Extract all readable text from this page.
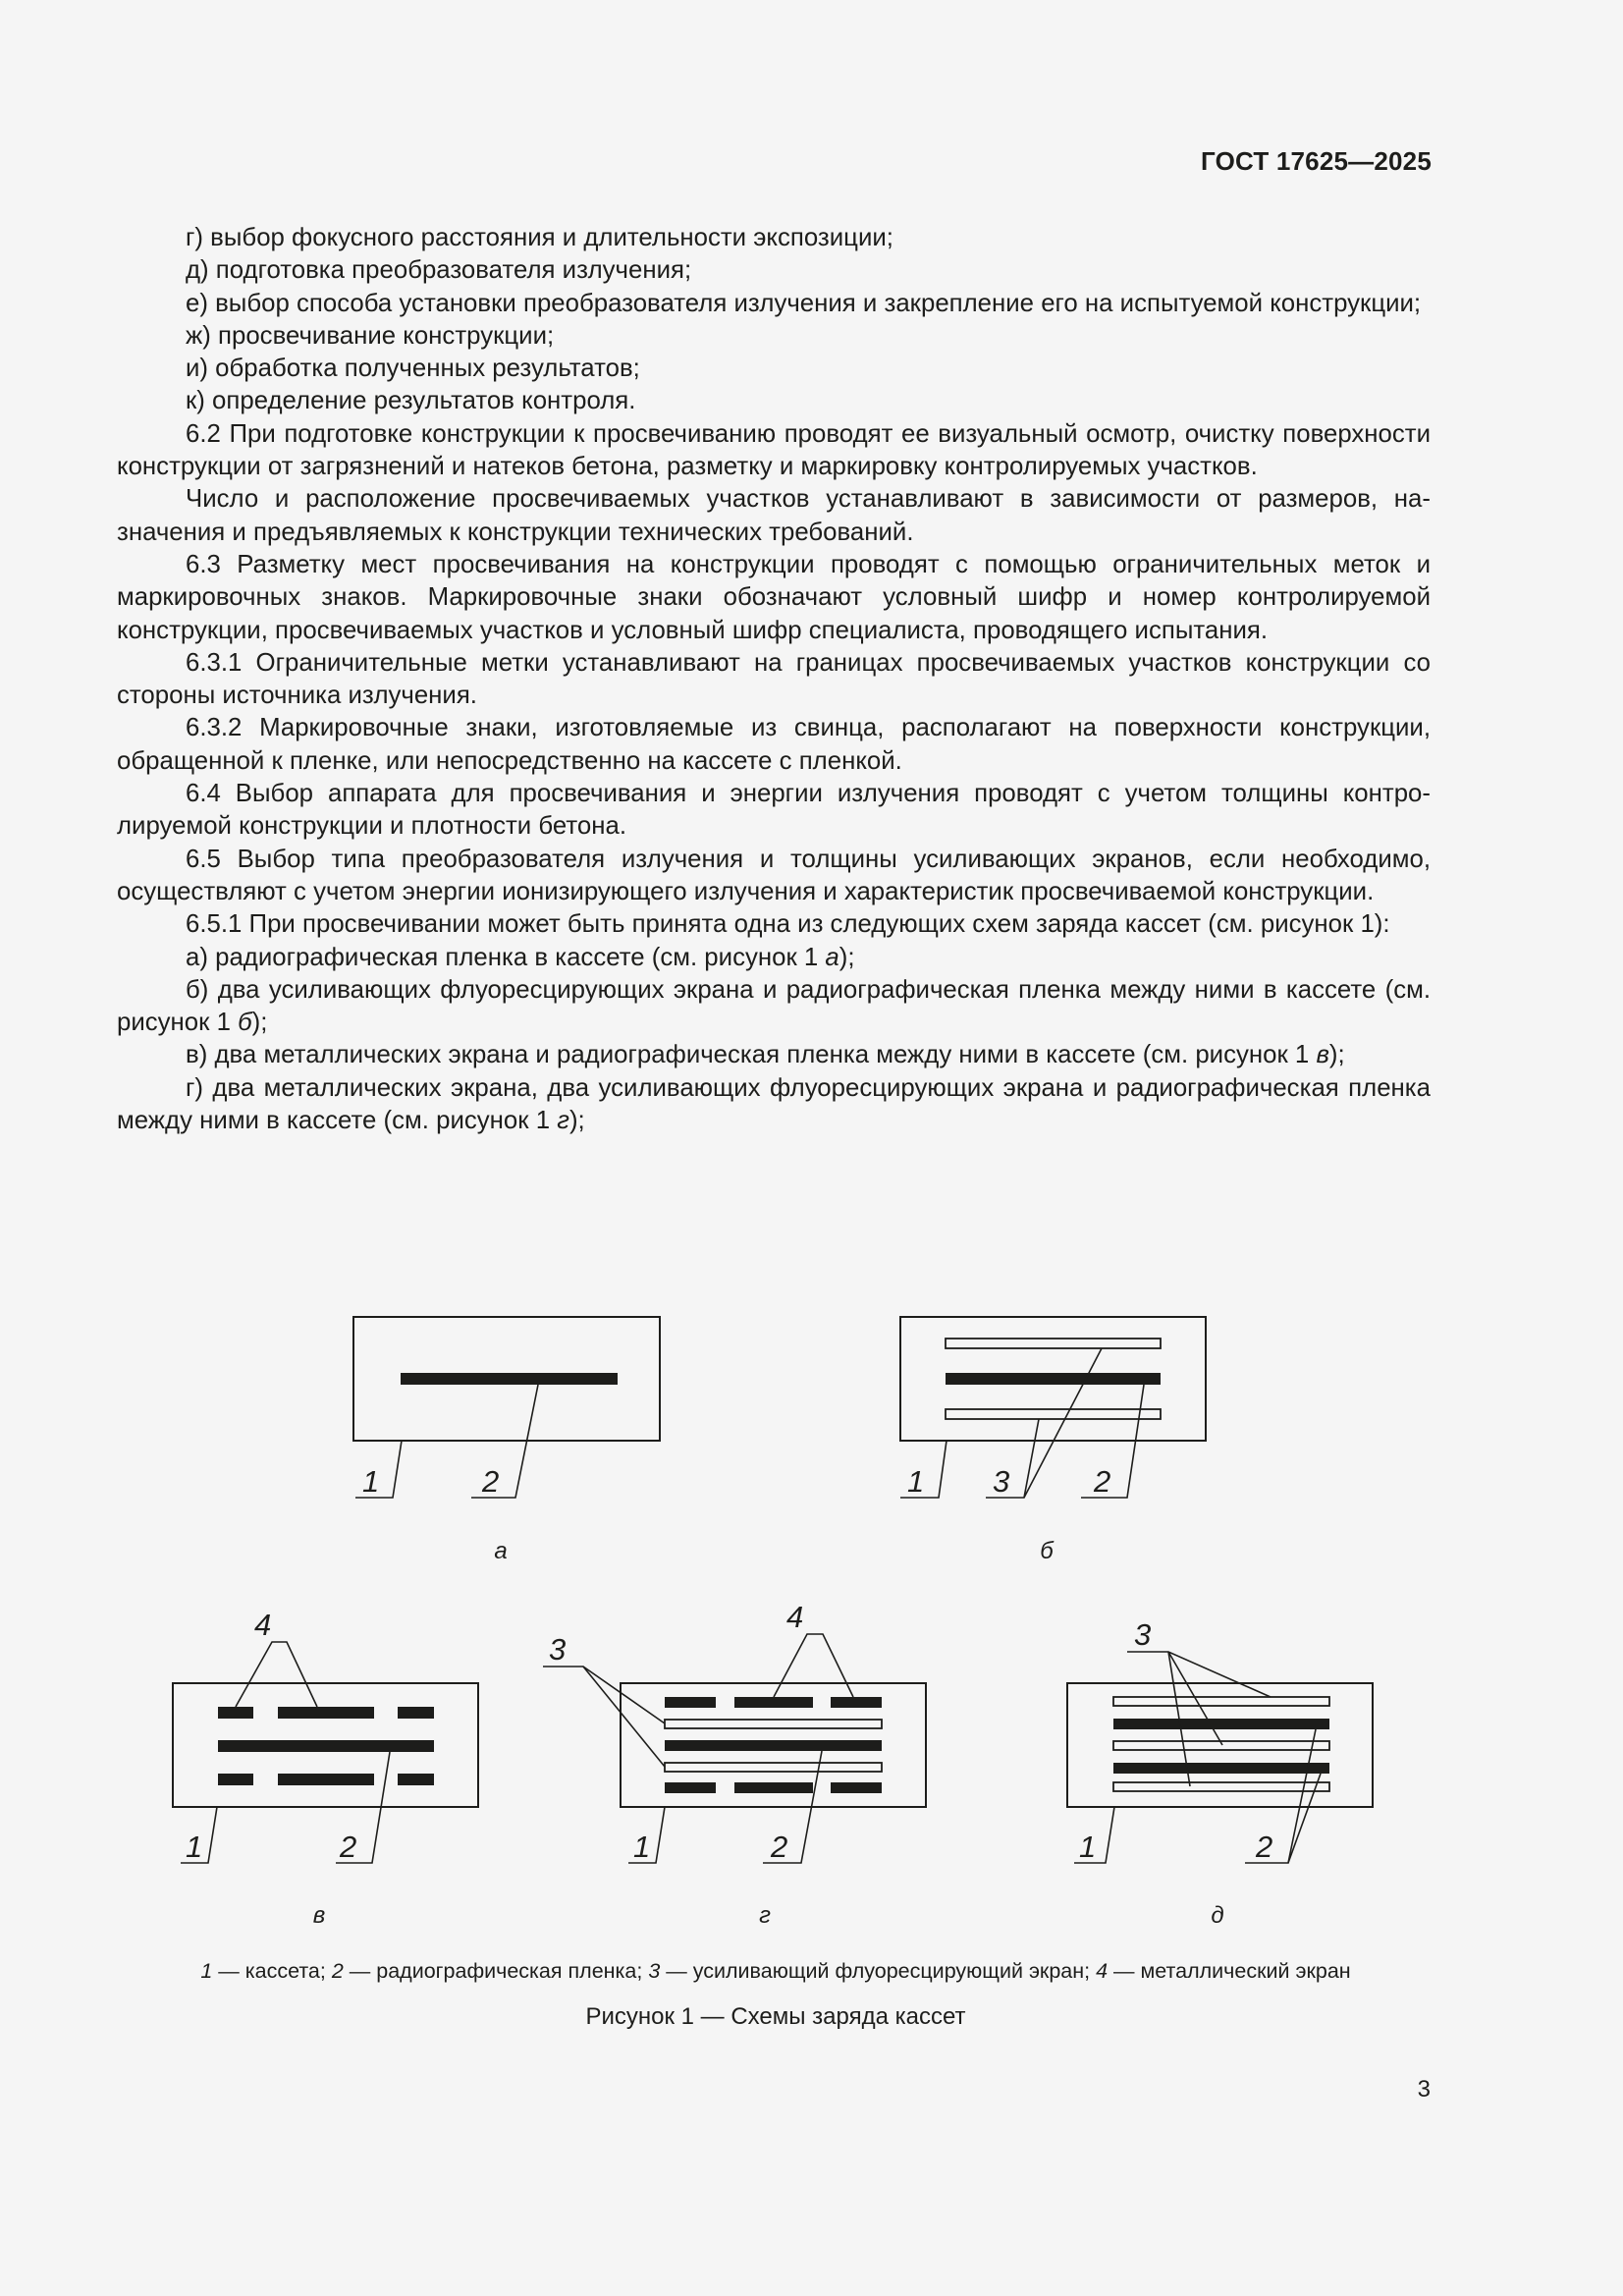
ГОСТ 17625—2025

г) выбор фокусного расстояния и длительности экспозиции;

д) подготовка преобразователя излучения;

е) выбор способа установки преобразователя излучения и закрепление его на испытуемой конструкции;

ж) просвечивание конструкции;

и) обработка полученных результатов;

к) определение результатов контроля.

6.2 При подготовке конструкции к просвечиванию проводят ее визуальный осмотр, очистку поверхности конструкции от загрязнений и натеков бетона, разметку и маркировку контролируемых участков.

Число и расположение просвечиваемых участков устанавливают в зависимости от размеров, назначения и предъявляемых к конструкции технических требований.

6.3 Разметку мест просвечивания на конструкции проводят с помощью ограничительных меток и маркировочных знаков. Маркировочные знаки обозначают условный шифр и номер контролируемой конструкции, просвечиваемых участков и условный шифр специалиста, проводящего испытания.

6.3.1 Ограничительные метки устанавливают на границах просвечиваемых участков конструкции со стороны источника излучения.

6.3.2 Маркировочные знаки, изготовляемые из свинца, располагают на поверхности конструкции, обращенной к пленке, или непосредственно на кассете с пленкой.

6.4 Выбор аппарата для просвечивания и энергии излучения проводят с учетом толщины контролируемой конструкции и плотности бетона.

6.5 Выбор типа преобразователя излучения и толщины усиливающих экранов, если необходимо, осуществляют с учетом энергии ионизирующего излучения и характеристик просвечиваемой конструкции.

6.5.1 При просвечивании может быть принята одна из следующих схем заряда кассет (см. рисунок 1):

а) радиографическая пленка в кассете (см. рисунок 1 а);

б) два усиливающих флуоресцирующих экрана и радиографическая пленка между ними в кассете (см. рисунок 1 б);

в) два металлических экрана и радиографическая пленка между ними в кассете (см. рисунок 1 в);

г) два металлических экрана, два усиливающих флуоресцирующих экрана и радиографическая пленка между ними в кассете (см. рисунок 1 г);

1	2
а
1 3	2
б
4
1	2
в
3
4
1	2
г
3
1	2
д
1 — кассета; 2 — радиографическая пленка; 3 — усиливающий флуоресцирующий экран; 4 — металлический экран
Рисунок 1 — Схемы заряда кассет
3
